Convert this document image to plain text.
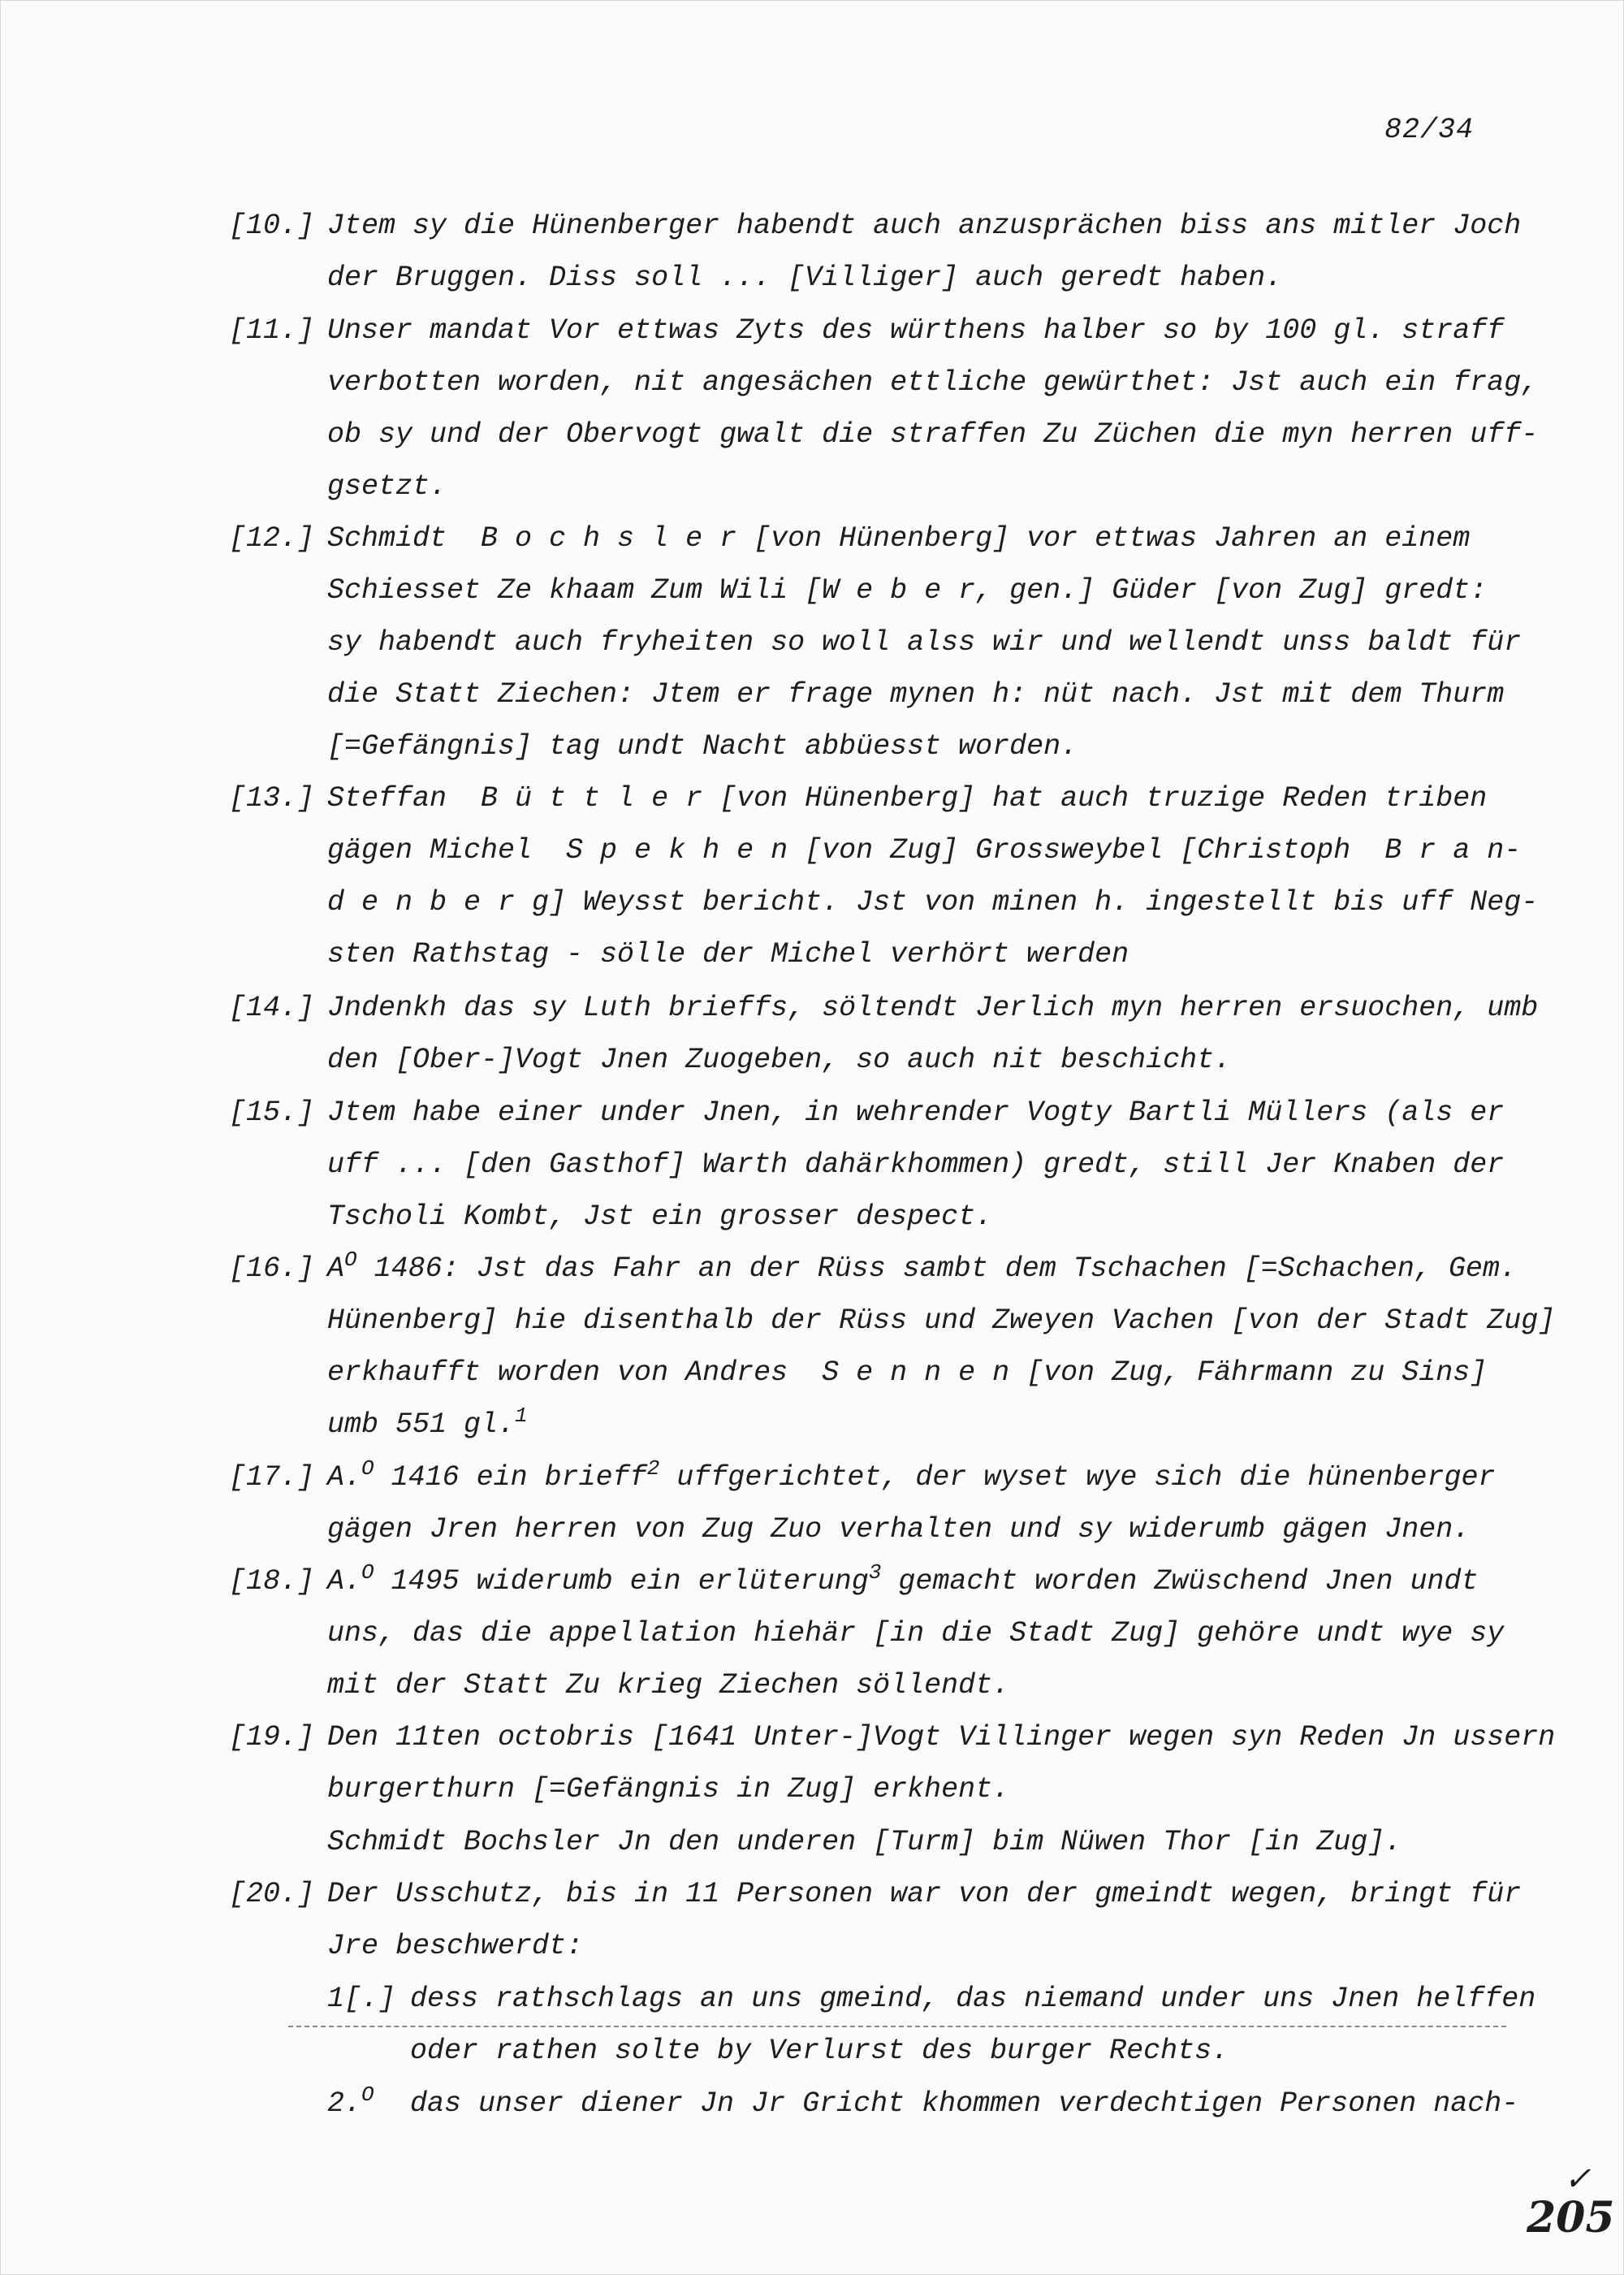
82/34
[10.] Jtem sy die Hünenberger habendt auch anzusprächen biss ans mitler Joch
der Bruggen. Diss soll ... [Villiger] auch geredt haben.
[11.] Unser mandat Vor ettwas Zyts des würthens halber so by 100 gl. straff
verbotten worden, nit angesächen ettliche gewürthet: Jst auch ein frag,
ob sy und der Obervogt gwalt die straffen Zu Züchen die myn herren uff-
gsetzt.
[12.] Schmidt  B o c h s l e r [von Hünenberg] vor ettwas Jahren an einem
Schiesset Ze khaam Zum Wili [W e b e r, gen.] Güder [von Zug] gredt:
sy habendt auch fryheiten so woll alss wir und wellendt unss baldt für
die Statt Ziechen: Jtem er frage mynen h: nüt nach. Jst mit dem Thurm
[=Gefängnis] tag undt Nacht abbüesst worden.
[13.] Steffan  B ü t t l e r [von Hünenberg] hat auch truzige Reden triben
gägen Michel  S p e k h e n [von Zug] Grossweybel [Christoph  B r a n-
d e n b e r g] Weysst bericht. Jst von minen h. ingestellt bis uff Neg-
sten Rathstag - sölle der Michel verhört werden
[14.] Jndenkh das sy Luth brieffs, söltendt Jerlich myn herren ersuochen, umb
den [Ober-]Vogt Jnen Zuogeben, so auch nit beschicht.
[15.] Jtem habe einer under Jnen, in wehrender Vogty Bartli Müllers (als er
uff ... [den Gasthof] Warth dahärkhommen) gredt, still Jer Knaben der
Tscholi Kombt, Jst ein grosser despect.
[16.] $A^O$ 1486: Jst das Fahr an der Rüss sambt dem Tschachen [=Schachen, Gem.
Hünenberg] hie disenthalb der Rüss und Zweyen Vachen [von der Stadt Zug]
erkhaufft worden von Andres  S e n n e n [von Zug, Fährmann zu Sins]
umb 551 gl.$^1$
[17.] A.$^O$ 1416 ein brieff$^2$ uffgerichtet, der wyset wye sich die hünenberger
gägen Jren herren von Zug Zuo verhalten und sy widerumb gägen Jnen.
[18.] A.$^O$ 1495 widerumb ein erlüterung$^3$ gemacht worden Zwüschend Jnen undt
uns, das die appellation hiehär [in die Stadt Zug] gehöre undt wye sy
mit der Statt Zu krieg Ziechen söllendt.
[19.] Den 11ten octobris [1641 Unter-]Vogt Villinger wegen syn Reden Jn ussern
burgerthurn [=Gefängnis in Zug] erkhent.
Schmidt Bochsler Jn den underen [Turm] bim Nüwen Thor [in Zug].
[20.] Der Usschutz, bis in 11 Personen war von der gmeindt wegen, bringt für
Jre beschwerdt:
1[.] dess rathschlags an uns gmeind, das niemand under uns Jnen helffen
oder rathen solte by Verlurst des burger Rechts.
2.$^O$ das unser diener Jn Jr Gricht khommen verdechtigen Personen nach-
✓
205
